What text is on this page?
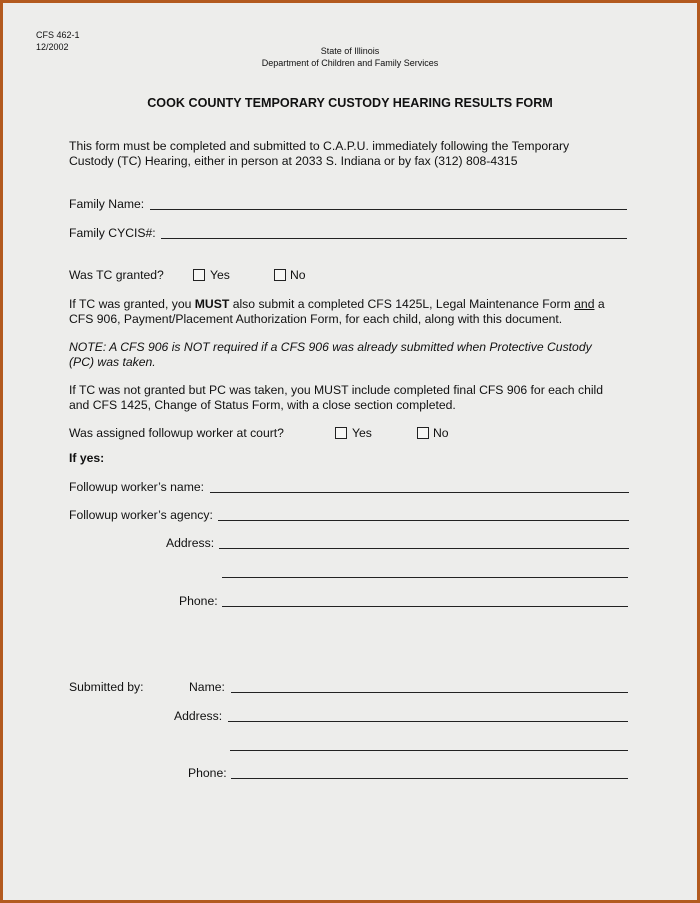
CFS 462-1
12/2002	State of Illinois
Department of Children and Family Services
COOK COUNTY TEMPORARY CUSTODY HEARING RESULTS FORM
This form must be completed and submitted to C.A.P.U. immediately following the Temporary
Custody (TC) Hearing, either in person at 2033 S. Indiana or by fax (312) 808-4315
Family Name:
Family CYCIS#:
Was TC granted?	Yes	No
If TC was granted, you MUST also submit a completed CFS 1425L, Legal Maintenance Form and a
CFS 906, Payment/Placement Authorization Form, for each child, along with this document.
NOTE: A CFS 906 is NOT required if a CFS 906 was already submitted when Protective Custody
(PC) was taken.
If TC was not granted but PC was taken, you MUST include completed final CFS 906 for each child
and CFS 1425, Change of Status Form, with a close section completed.
Was assigned followup worker at court?	Yes	No
If yes:
Followup worker’s name:
Followup worker’s agency:
Address:
Phone:
Submitted by:	Name:
Address:
Phone:
